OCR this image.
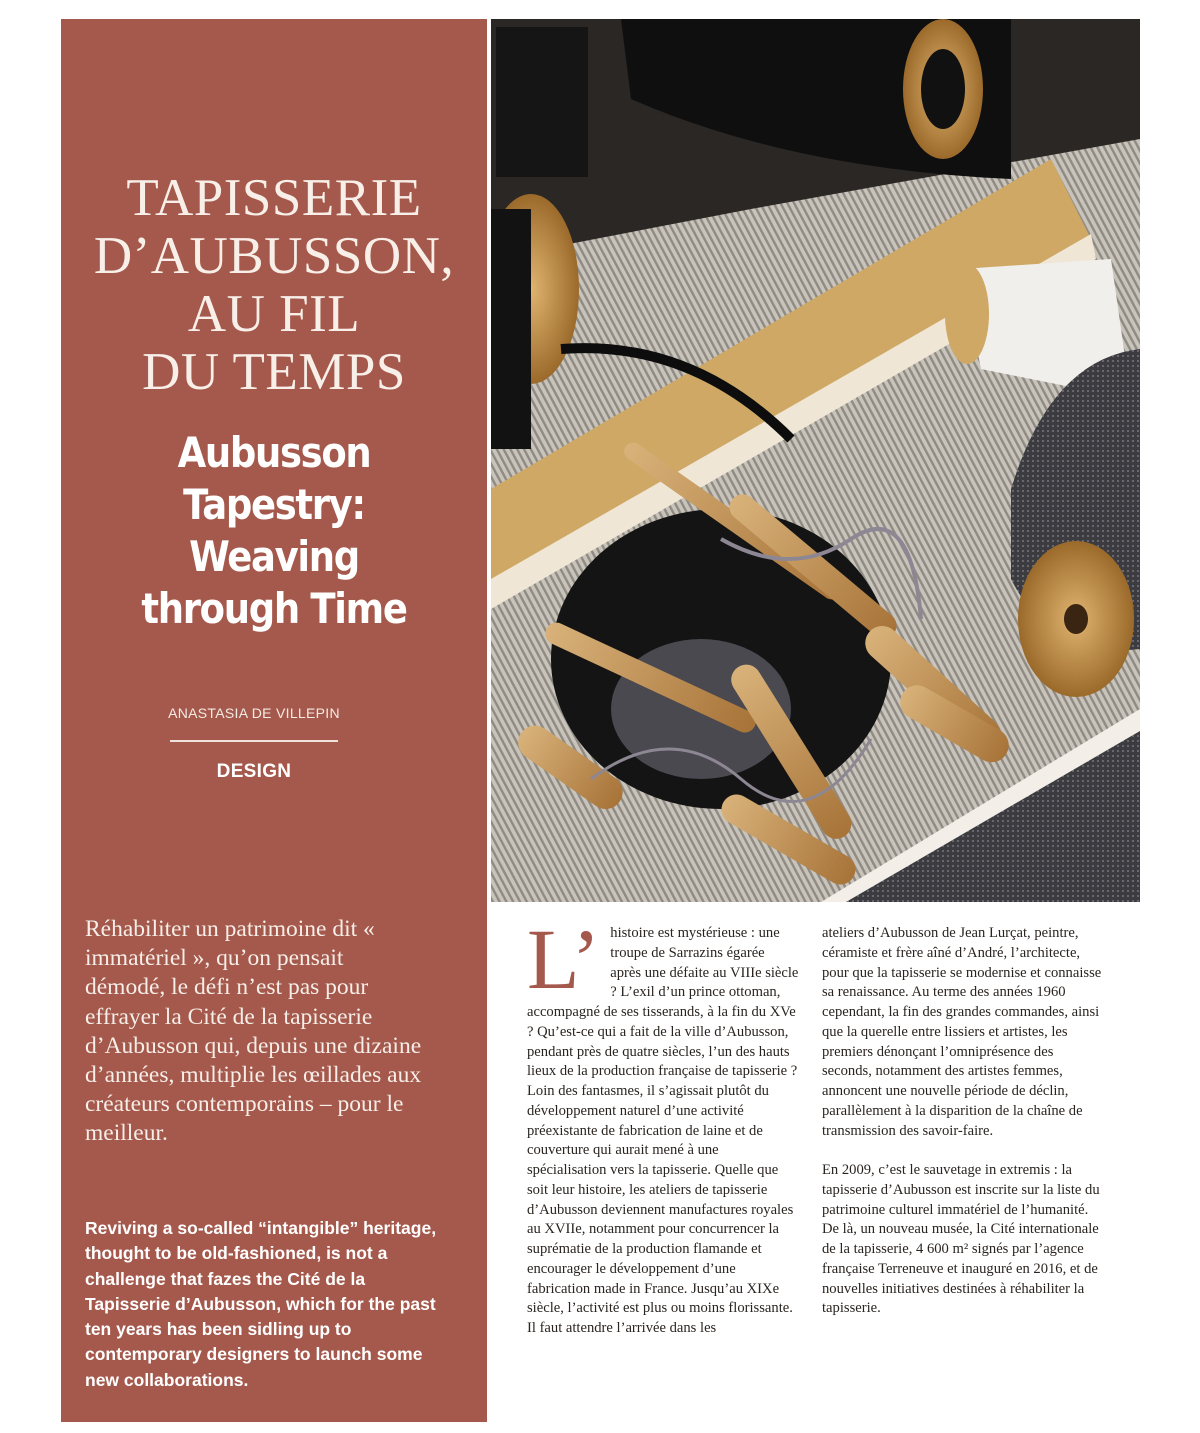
TAPISSERIE
D’AUBUSSON,
AU FIL
DU TEMPS
Aubusson Tapestry:
Weaving
through Time
ANASTASIA DE VILLEPIN
DESIGN

Réhabiliter un patrimoine dit « immatériel », qu’on pensait démodé, le défi n’est pas pour effrayer la Cité de la tapisserie d’Aubusson qui, depuis une dizaine d’années, multiplie les œillades aux créateurs contemporains – pour le meilleur.

Reviving a so-called “intangible” heritage, thought to be old-fashioned, is not a challenge that fazes the Cité de la Tapisserie d’Aubusson, which for the past ten years has been sidling up to contemporary designers to launch some new collaborations.

L’ histoire est mystérieuse : une troupe de Sarrazins égarée après une défaite au VIIIe siècle ? L’exil d’un prince ottoman, accompagné de ses tisserands, à la fin du XVe ? Qu’est-ce qui a fait de la ville d’Aubusson, pendant près de quatre siècles, l’un des hauts lieux de la production française de tapisserie ? Loin des fantasmes, il s’agissait plutôt du développement naturel d’une activité préexistante de fabrication de laine et de couverture qui aurait mené à une spécialisation vers la tapisserie. Quelle que soit leur histoire, les ateliers de tapisserie d’Aubusson deviennent manufactures royales au XVIIe, notamment pour concurrencer la suprématie de la production flamande et encourager le développement d’une fabrication made in France. Jusqu’au XIXe siècle, l’activité est plus ou moins florissante. Il faut attendre l’arrivée dans les

ateliers d’Aubusson de Jean Lurçat, peintre, céramiste et frère aîné d’André, l’architecte, pour que la tapisserie se modernise et connaisse sa renaissance. Au terme des années 1960 cependant, la fin des grandes commandes, ainsi que la querelle entre lissiers et artistes, les premiers dénonçant l’omniprésence des seconds, notamment des artistes femmes, annoncent une nouvelle période de déclin, parallèlement à la disparition de la chaîne de transmission des savoir-faire.

En 2009, c’est le sauvetage in extremis : la tapisserie d’Aubusson est inscrite sur la liste du patrimoine culturel immatériel de l’humanité. De là, un nouveau musée, la Cité internationale de la tapisserie, 4 600 m² signés par l’agence française Terreneuve et inauguré en 2016, et de nouvelles initiatives destinées à réhabiliter la tapisserie.
